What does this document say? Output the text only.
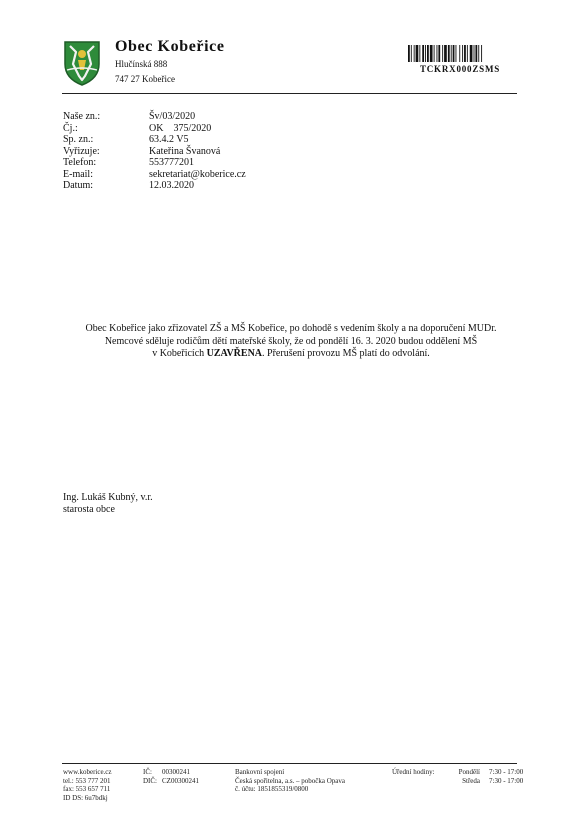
Obec Kobeřice
Hlučínská 888
747 27 Kobeřice
TCKRX000ZSMS
Naše zn.:	Šv/03/2020
Čj.:	OK    375/2020
Sp. zn.:	63.4.2 V5
Vyřizuje:	Kateřina Švanová
Telefon:	553777201
E-mail:	sekretariat@koberice.cz
Datum:	12.03.2020
Obec Kobeřice jako zřizovatel ZŠ a MŠ Kobeřice, po dohodě s vedením školy a na doporučení MUDr.
Nemcové sděluje rodičům dětí mateřské školy, že od pondělí 16. 3. 2020 budou oddělení MŠ
v Kobeřicích UZAVŘENA. Přerušení provozu MŠ platí do odvolání.
Ing. Lukáš Kubný, v.r.
starosta obce
www.koberice.cz
tel.: 553 777 201
fax: 553 657 711
ID DS: 6u7bdkj
IČ:	00300241
DIČ: CZ00300241
Bankovní spojení
Česká spořitelna, a.s. – pobočka Opava
č. účtu: 1851855319/0800
Úřední hodiny:	Pondělí	7:30 - 17:00
Středa	7:30 - 17:00
